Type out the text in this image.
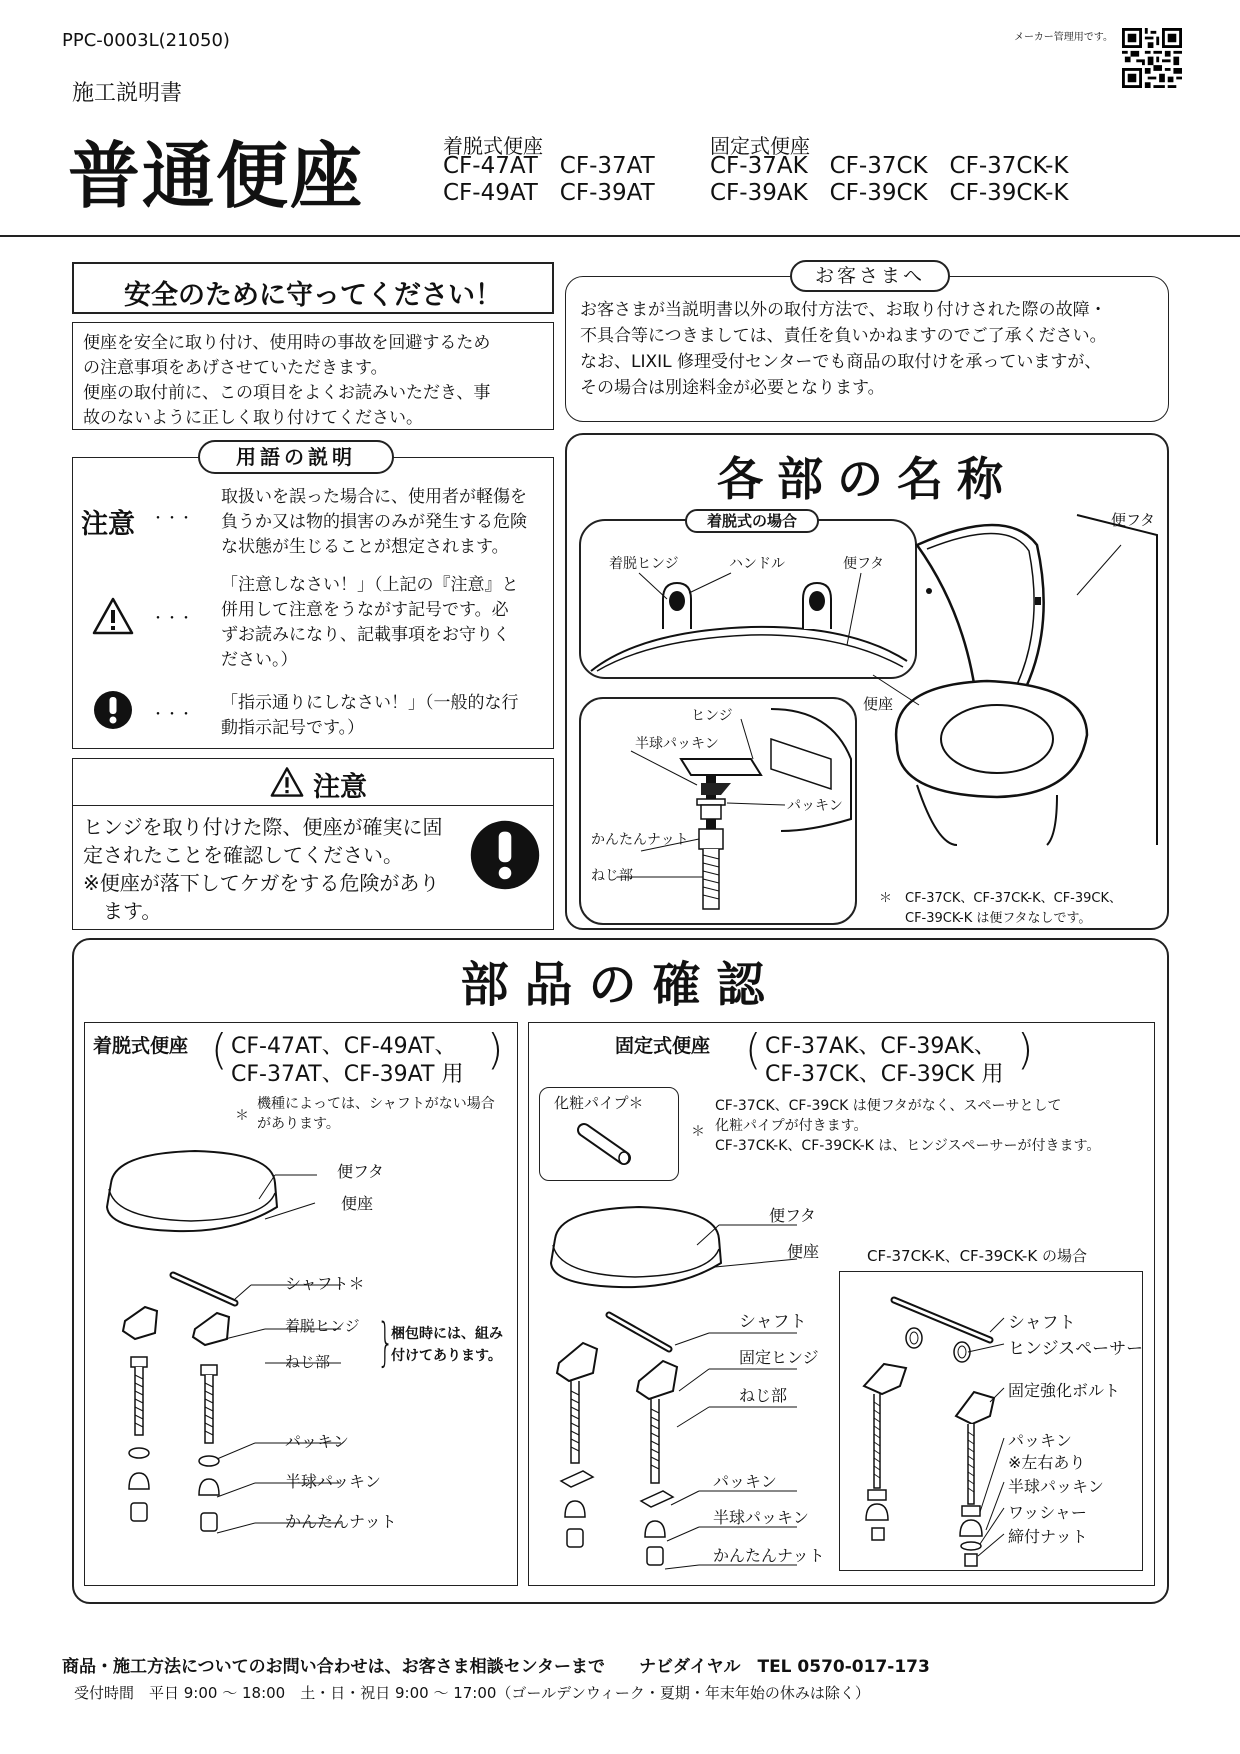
PPC-0003L(21050)
施工説明書
普通便座	着脱式便座
CF-47AT   CF-37AT
CF-49AT   CF-39AT
固定式便座
CF-37AK   CF-37CK   CF-37CK-K
CF-39AK   CF-39CK   CF-39CK-K
メーカー管理用です。
安全のために守ってください！
便座を安全に取り付け、使用時の事故を回避するため
の注意事項をあげさせていただきます。
便座の取付前に、この項目をよくお読みいただき、事
故のないように正しく取り付けてください。
お客さまが当説明書以外の取付方法で、お取り付けされた際の故障・
不具合等につきましては、責任を負いかねますのでご了承ください。
なお、LIXIL 修理受付センターでも商品の取付けを承っていますが、
その場合は別途料金が必要となります。
お客さまへ
注意 ・・・
取扱いを誤った場合に、使用者が軽傷を
負うか又は物的損害のみが発生する危険
な状態が生じることが想定されます。
・・・
「注意しなさい！」（上記の『注意』と
併用して注意をうながす記号です。必
ずお読みになり、記載事項をお守りく
ださい。）
・・・
「指示通りにしなさい！」（一般的な行
動指示記号です。）
用語の説明
注意
ヒンジを取り付けた際、便座が確実に固
定されたことを確認してください。
※便座が落下してケガをする危険があり
　ます。
各部の名称
着脱ヒンジ	ハンドル	便フタ
着脱式の場合
ヒンジ
半球パッキン
パッキン
かんたんナット
ねじ部
便フタ
便座
＊　CF-37CK、CF-37CK-K、CF-39CK、
CF-39CK-K は便フタなしです。
部品の確認
着脱式便座 ( CF-47AT、CF-49AT、
CF-37AT、CF-39AT 用
)
＊
機種によっては、シャフトがない場合
があります。
便フタ
便座
シャフト＊
着脱ヒンジ
ねじ部 }
梱包時には、組み
付けてあります。
パッキン
半球パッキン
かんたんナット
固定式便座 ( CF-37AK、CF-39AK、
CF-37CK、CF-39CK 用
)
化粧パイプ＊
＊
CF-37CK、CF-39CK は便フタがなく、スペーサとして
化粧パイプが付きます。
CF-37CK-K、CF-39CK-K は、ヒンジスペーサーが付きます。
便フタ
便座
シャフト
固定ヒンジ
ねじ部
パッキン
半球パッキン
かんたんナット
CF-37CK-K、CF-39CK-K の場合
シャフト
ヒンジスペーサー
固定強化ボルト
パッキン
※左右あり
半球パッキン
ワッシャー
締付ナット
商品・施工方法についてのお問い合わせは、お客さま相談センターまで　　ナビダイヤル　TEL 0570-017-173
受付時間　平日 9:00 ～ 18:00　土・日・祝日 9:00 ～ 17:00（ゴールデンウィーク・夏期・年末年始の休みは除く）
